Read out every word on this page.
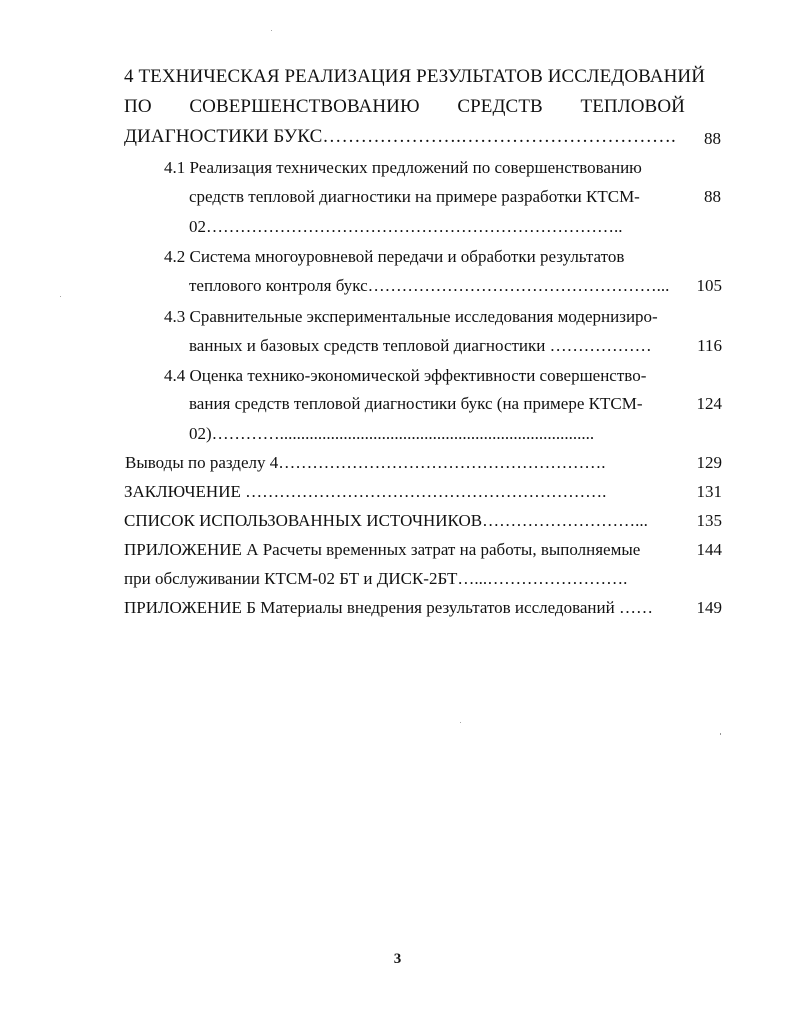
4 ТЕХНИЧЕСКАЯ РЕАЛИЗАЦИЯ РЕЗУЛЬТАТОВ ИССЛЕДОВАНИЙ
ПО СОВЕРШЕНСТВОВАНИЮ СРЕДСТВ ТЕПЛОВОЙ
ДИАГНОСТИКИ БУКС………………….…………………………….	88
4.1 Реализация технических предложений по совершенствованию
средств тепловой диагностики на примере разработки КТСМ-	88
02………………………………………………………………..
4.2 Система многоуровневой передачи и обработки результатов
теплового контроля букс……………………………………………...	105
4.3 Сравнительные экспериментальные исследования модернизиро-
ванных и базовых средств тепловой диагностики ………………	116
4.4 Оценка технико-экономической эффективности совершенство-
вания средств тепловой диагностики букс (на примере КТСМ-	124
02)…………..........................................................................
Выводы по разделу 4………………………………………………….	129
ЗАКЛЮЧЕНИЕ ……………………………………………………….	131
СПИСОК ИСПОЛЬЗОВАННЫХ ИСТОЧНИКОВ………………………...	135
ПРИЛОЖЕНИЕ А Расчеты временных затрат на работы, выполняемые	144
при обслуживании КТСМ-02 БТ и ДИСК-2БТ…...…………………….
ПРИЛОЖЕНИЕ Б Материалы внедрения результатов исследований ……	149
3
